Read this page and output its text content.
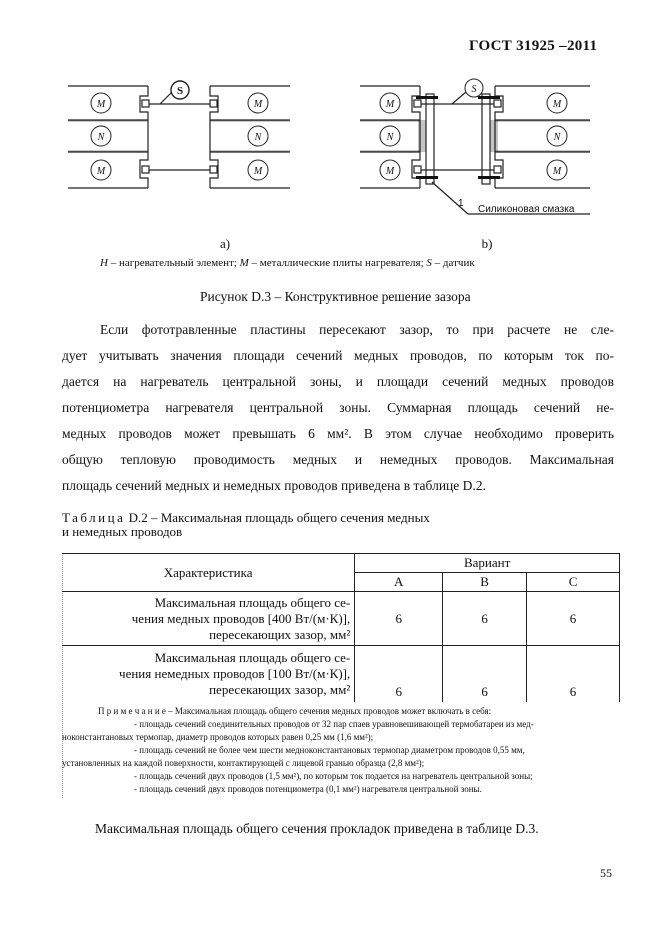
ГОСТ 31925 –2011
M	M
N	N
M	M
S
M	M
N	N
M	M
S
1
Силиконовая смазка
a)	b)
H – нагревательный элемент; M – металлические плиты нагревателя; S – датчик
Рисунок D.3 – Конструктивное решение зазора
Если фототравленные пластины пересекают зазор, то при расчете не сле-
дует учитывать значения площади сечений медных проводов, по которым ток по-
дается на нагреватель центральной зоны, и площади сечений медных проводов
потенциометра нагревателя центральной зоны. Суммарная площадь сечений не-
медных проводов может превышать 6 мм². В этом случае необходимо проверить
общую тепловую проводимость медных и немедных проводов. Максимальная
площадь сечений медных и немедных проводов приведена в таблице D.2.
Таблица D.2 – Максимальная площадь общего сечения медных
и немедных проводов
Характеристика	Вариант		
	A	B	C

Максимальная площадь общего се-
чения медных проводов [400 Вт/(м·К)],
пересекающих зазор, мм²	6	6	6

Максимальная площадь общего се-
чения немедных проводов [100 Вт/(м·К)],
пересекающих зазор, мм²	6	6	6
П р и м е ч а н и е – Максимальная площадь общего сечения медных проводов может включать в себя:
- площадь сечений соединительных проводов от 32 пар спаев уравновешивающей термобатареи из мед-
ноконстантановых термопар, диаметр проводов которых равен 0,25 мм (1,6 мм²);
- площадь сечений не более чем шести медноконстантановых термопар диаметром проводов 0,55 мм,
установленных на каждой поверхности, контактирующей с лицевой гранью образца (2,8 мм²);
- площадь сечений двух проводов (1,5 мм²), по которым ток подается на нагреватель центральной зоны;
- площадь сечений двух проводов потенциометра (0,1 мм²) нагревателя центральной зоны.
Максимальная площадь общего сечения прокладок приведена в таблице D.3.
55
